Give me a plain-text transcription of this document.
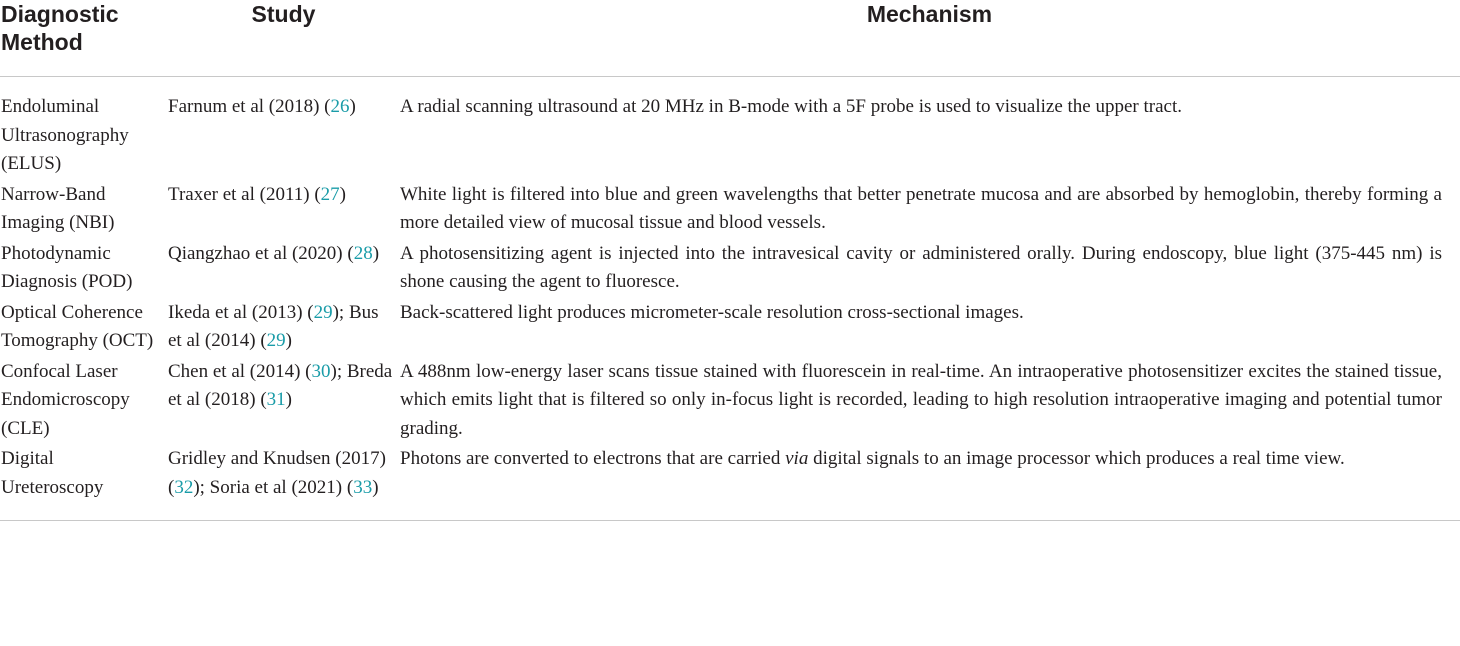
Diagnostic Method	Study	Mechanism
Endoluminal Ultrasonography (ELUS)	Farnum et al (2018) (26)	A radial scanning ultrasound at 20 MHz in B-mode with a 5F probe is used to visualize the upper tract.
Narrow-Band Imaging (NBI)	Traxer et al (2011) (27)	White light is filtered into blue and green wavelengths that better penetrate mucosa and are absorbed by hemoglobin, thereby forming a more detailed view of mucosal tissue and blood vessels.
Photodynamic Diagnosis (POD)	Qiangzhao et al (2020) (28)	A photosensitizing agent is injected into the intravesical cavity or administered orally. During endoscopy, blue light (375-445 nm) is shone causing the agent to fluoresce.
Optical Coherence Tomography (OCT)	Ikeda et al (2013) (29); Bus et al (2014) (29)	Back-scattered light produces micrometer-scale resolution cross-sectional images.
Confocal Laser Endomicroscopy (CLE)	Chen et al (2014) (30); Breda et al (2018) (31)	A 488nm low-energy laser scans tissue stained with fluorescein in real-time. An intraoperative photosensitizer excites the stained tissue, which emits light that is filtered so only in-focus light is recorded, leading to high resolution intraoperative imaging and potential tumor grading.
Digital Ureteroscopy	Gridley and Knudsen (2017) (32); Soria et al (2021) (33)	Photons are converted to electrons that are carried via digital signals to an image processor which produces a real time view.
